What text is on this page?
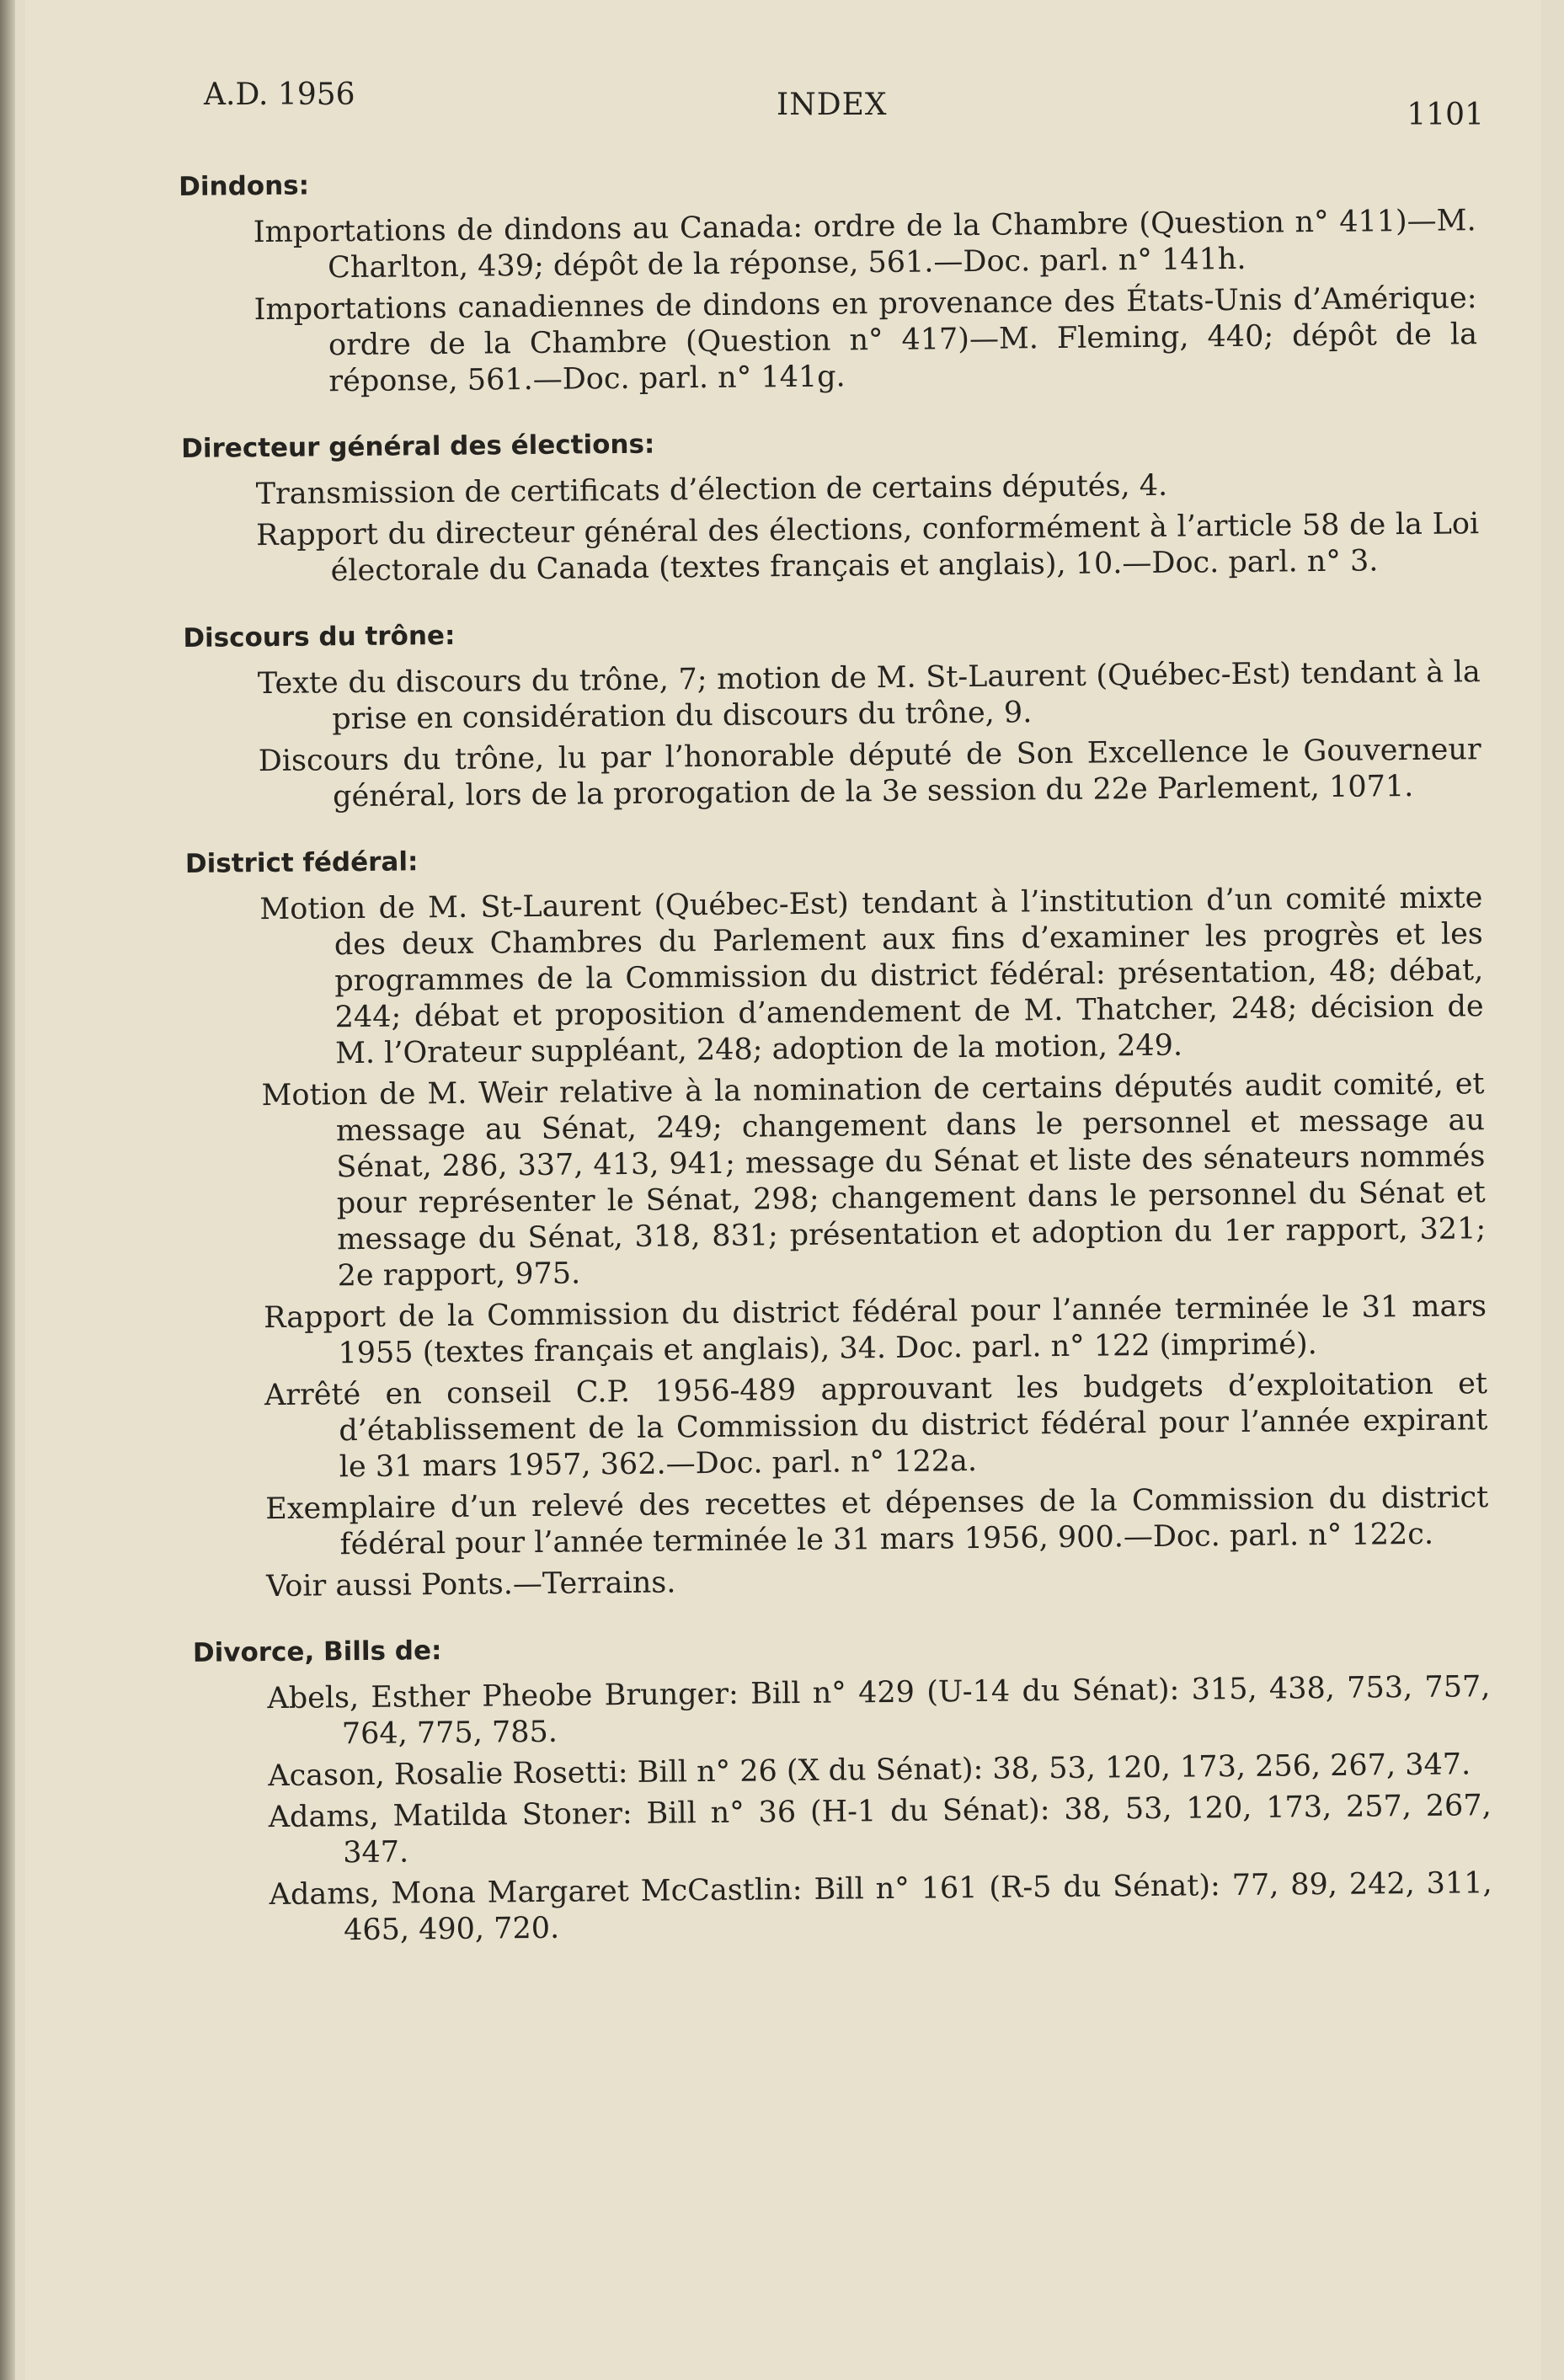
A.D. 1956	INDEX	1101
Dindons:
Importations de dindons au Canada: ordre de la Chambre (Question n° 411)—M. Charlton, 439; dépôt de la réponse, 561.—Doc. parl. n° 141h.
Importations canadiennes de dindons en provenance des États-Unis d’Amérique: ordre de la Chambre (Question n° 417)—M. Fleming, 440; dépôt de la réponse, 561.—Doc. parl. n° 141g.
Directeur général des élections:
Transmission de certificats d’élection de certains députés, 4.
Rapport du directeur général des élections, conformément à l’article 58 de la Loi électorale du Canada (textes français et anglais), 10.—Doc. parl. n° 3.
Discours du trône:
Texte du discours du trône, 7; motion de M. St-Laurent (Québec-Est) tendant à la prise en considération du discours du trône, 9.
Discours du trône, lu par l’honorable député de Son Excellence le Gouverneur général, lors de la prorogation de la 3e session du 22e Parlement, 1071.
District fédéral:
Motion de M. St-Laurent (Québec-Est) tendant à l’institution d’un comité mixte des deux Chambres du Parlement aux fins d’examiner les progrès et les programmes de la Commission du district fédéral: présentation, 48; débat, 244; débat et proposition d’amendement de M. Thatcher, 248; décision de M. l’Orateur suppléant, 248; adoption de la motion, 249.
Motion de M. Weir relative à la nomination de certains députés audit comité, et message au Sénat, 249; changement dans le personnel et message au Sénat, 286, 337, 413, 941; message du Sénat et liste des sénateurs nommés pour représenter le Sénat, 298; changement dans le personnel du Sénat et message du Sénat, 318, 831; présentation et adoption du 1er rapport, 321; 2e rapport, 975.
Rapport de la Commission du district fédéral pour l’année terminée le 31 mars 1955 (textes français et anglais), 34. Doc. parl. n° 122 (imprimé).
Arrêté en conseil C.P. 1956-489 approuvant les budgets d’exploitation et d’établissement de la Commission du district fédéral pour l’année expirant le 31 mars 1957, 362.—Doc. parl. n° 122a.
Exemplaire d’un relevé des recettes et dépenses de la Commission du district fédéral pour l’année terminée le 31 mars 1956, 900.—Doc. parl. n° 122c.
Voir aussi Ponts.—Terrains.
Divorce, Bills de:
Abels, Esther Pheobe Brunger: Bill n° 429 (U-14 du Sénat): 315, 438, 753, 757, 764, 775, 785.
Acason, Rosalie Rosetti: Bill n° 26 (X du Sénat): 38, 53, 120, 173, 256, 267, 347.
Adams, Matilda Stoner: Bill n° 36 (H-1 du Sénat): 38, 53, 120, 173, 257, 267, 347.
Adams, Mona Margaret McCastlin: Bill n° 161 (R-5 du Sénat): 77, 89, 242, 311, 465, 490, 720.
